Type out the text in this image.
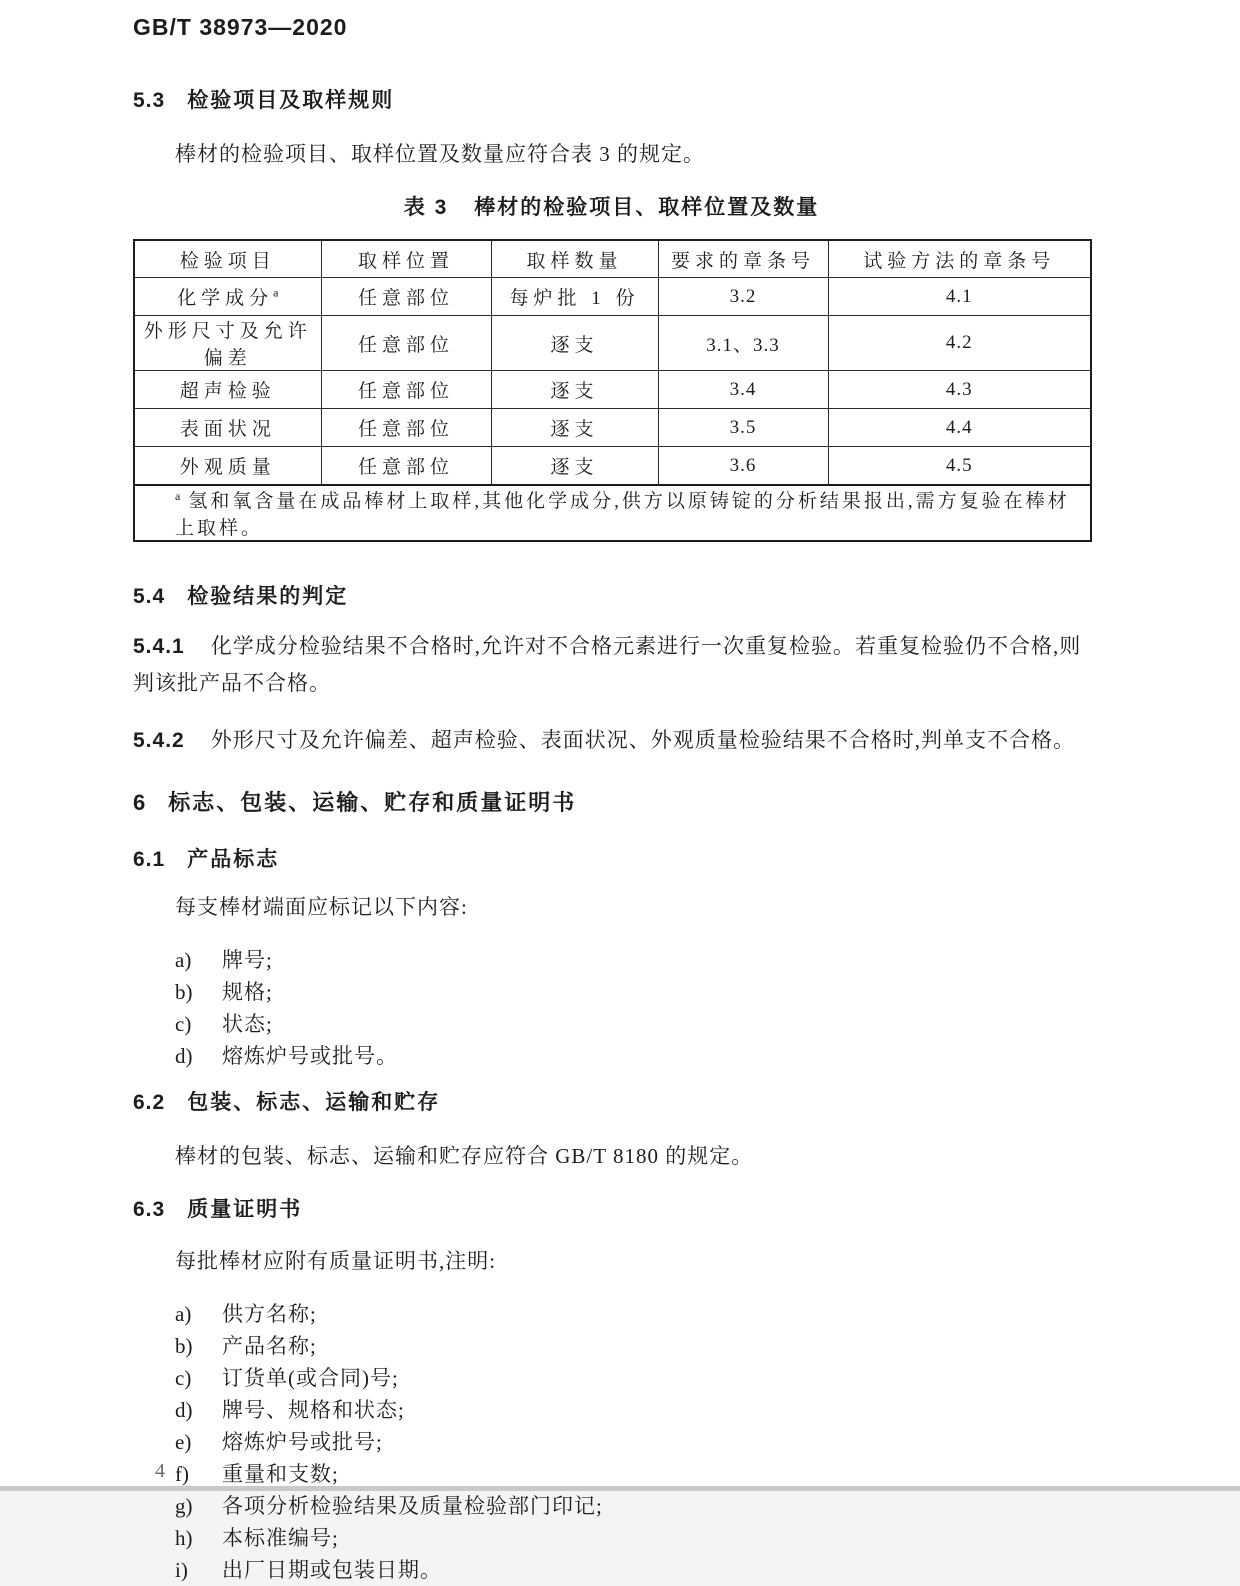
GB/T 38973—2020
5.3 检验项目及取样规则

棒材的检验项目、取样位置及数量应符合表 3 的规定。

表 3 棒材的检验项目、取样位置及数量
检验项目	取样位置	取样数量	要求的章条号	试验方法的章条号
化学成分$^a$	任意部位	每炉批 1 份	3.2	4.1
外形尺寸及允许偏差	任意部位	逐支	3.1、3.3	4.2
超声检验	任意部位	逐支	3.4	4.3
表面状况	任意部位	逐支	3.5	4.4
外观质量	任意部位	逐支	3.6	4.5
$^a$ 氢和氧含量在成品棒材上取样,其他化学成分,供方以原铸锭的分析结果报出,需方复验在棒材上取样。				
5.4 检验结果的判定

5.4.1 化学成分检验结果不合格时,允许对不合格元素进行一次重复检验。若重复检验仍不合格,则判该批产品不合格。

5.4.2 外形尺寸及允许偏差、超声检验、表面状况、外观质量检验结果不合格时,判单支不合格。

6 标志、包装、运输、贮存和质量证明书
6.1 产品标志

每支棒材端面应标记以下内容:

a) 牌号;
b) 规格;
c) 状态;
d) 熔炼炉号或批号。
6.2 包装、标志、运输和贮存

棒材的包装、标志、运输和贮存应符合 GB/T 8180 的规定。

6.3 质量证明书

每批棒材应附有质量证明书,注明:

a) 供方名称;
b) 产品名称;
c) 订货单(或合同)号;
d) 牌号、规格和状态;
e) 熔炼炉号或批号;
f) 重量和支数;
g) 各项分析检验结果及质量检验部门印记;
h) 本标准编号;
i) 出厂日期或包装日期。
4
